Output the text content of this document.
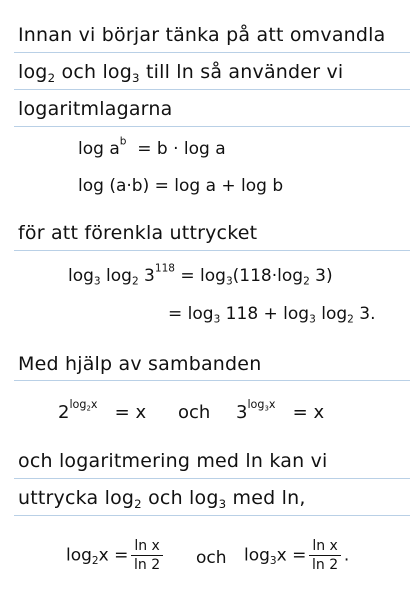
Innan vi börjar tänka på att omvandla
$\log_2$ och $\log_3$ till ln så använder vi
logaritmlagarna
$\log a^b = b \cdot \log a$
log (a·b) = log a + log b
för att förenkla uttrycket
$\log_3 \log_2 3^{118} = \log_3(118\cdot\log_2$ 3)
= $\log_3 118 + \log_3 \log_2 3$.
Med hjälp av sambanden
$2^{log_2x} = x$ och $3^{log_3x} = x$
och logaritmering med ln kan vi
uttrycka $\log_2$ och $\log_3$ med ln,
$\log_2x = \frac{\text{ln x}}{\ln 2}$ och $\log_3x = \frac{\text{ln x}}{\ln 2}$ .
